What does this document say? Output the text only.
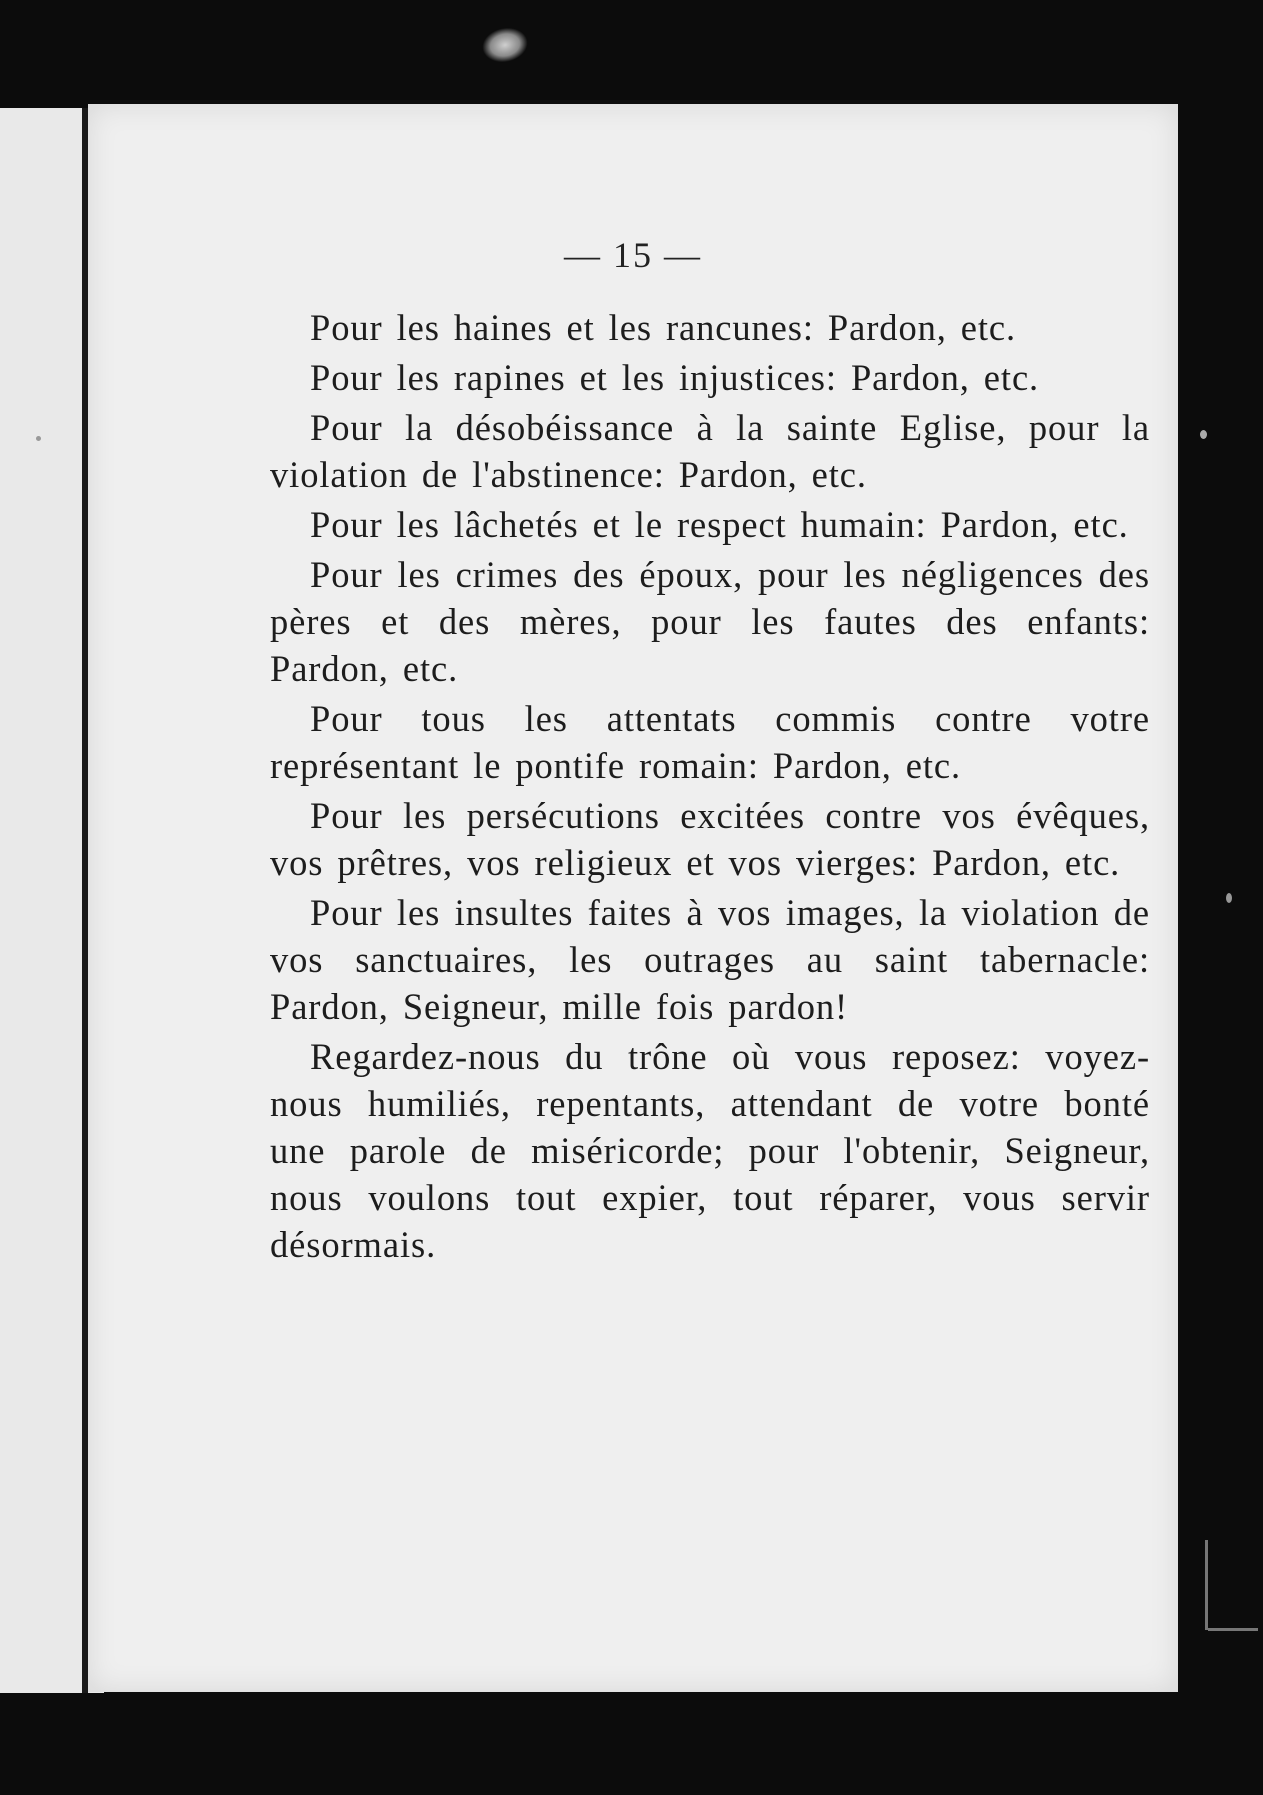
— 15 —

Pour les haines et les rancunes: Pardon, etc.

Pour les rapines et les injustices: Pardon, etc.

Pour la désobéissance à la sainte Eglise, pour la violation de l'abstinence: Pardon, etc.

Pour les lâchetés et le respect humain: Pardon, etc.

Pour les crimes des époux, pour les négligences des pères et des mères, pour les fautes des enfants: Pardon, etc.

Pour tous les attentats commis contre votre représentant le pontife romain: Pardon, etc.

Pour les persécutions excitées contre vos évêques, vos prêtres, vos religieux et vos vierges: Pardon, etc.

Pour les insultes faites à vos images, la violation de vos sanctuaires, les outrages au saint tabernacle: Pardon, Seigneur, mille fois pardon!

Regardez-nous du trône où vous reposez: voyez-nous humiliés, repentants, attendant de votre bonté une parole de miséricorde; pour l'obtenir, Seigneur, nous voulons tout expier, tout réparer, vous servir désormais.
